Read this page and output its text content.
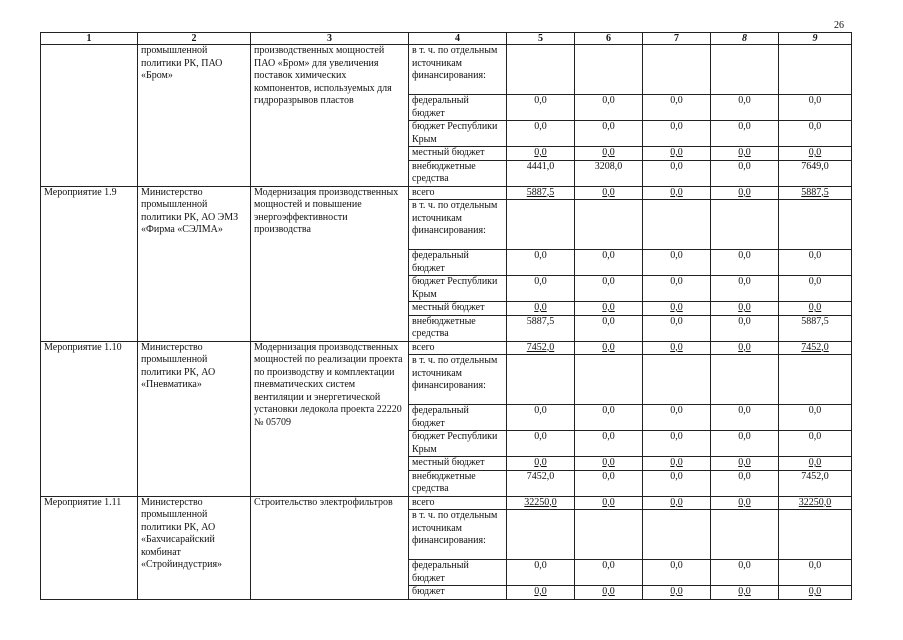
26
1	2	3	4	5	6	7	8	9
	промышленной политики РК, ПАО «Бром»	производственных мощностей ПАО «Бром» для увеличения поставок химических компонентов, используемых для гидроразрывов пластов	в т. ч. по отдельным источникам финансирования:					
			федеральный бюджет	0,0	0,0	0,0	0,0	0,0
			бюджет Республики Крым	0,0	0,0	0,0	0,0	0,0
			местный бюджет	0,0	0,0	0,0	0,0	0,0
			внебюджетные средства	4441,0	3208,0	0,0	0,0	7649,0
Мероприятие 1.9	Министерство промышленной политики РК, АО ЭМЗ «Фирма «СЭЛМА»	Модернизация производственных мощностей и повышение энергоэффективности производства	всего	5887,5	0,0	0,0	0,0	5887,5
			в т. ч. по отдельным источникам финансирования:					
			федеральный бюджет	0,0	0,0	0,0	0,0	0,0
			бюджет Республики Крым	0,0	0,0	0,0	0,0	0,0
			местный бюджет	0,0	0,0	0,0	0,0	0,0
			внебюджетные средства	5887,5	0,0	0,0	0,0	5887,5
Мероприятие 1.10	Министерство промышленной политики РК, АО «Пневматика»	Модернизация производственных мощностей по реализации проекта по производству и комплектации пневматических систем вентиляции и энергетической установки ледокола проекта 22220 № 05709	всего	7452,0	0,0	0,0	0,0	7452,0
			в т. ч. по отдельным источникам финансирования:					
			федеральный бюджет	0,0	0,0	0,0	0,0	0,0
			бюджет Республики Крым	0,0	0,0	0,0	0,0	0,0
			местный бюджет	0,0	0,0	0,0	0,0	0,0
			внебюджетные средства	7452,0	0,0	0,0	0,0	7452,0
Мероприятие 1.11	Министерство промышленной политики РК, АО «Бахчисарайский комбинат «Стройиндустрия»	Строительство электрофильтров	всего	32250,0	0,0	0,0	0,0	32250,0
			в т. ч. по отдельным источникам финансирования:					
			федеральный бюджет	0,0	0,0	0,0	0,0	0,0
			бюджет	0,0	0,0	0,0	0,0	0,0
